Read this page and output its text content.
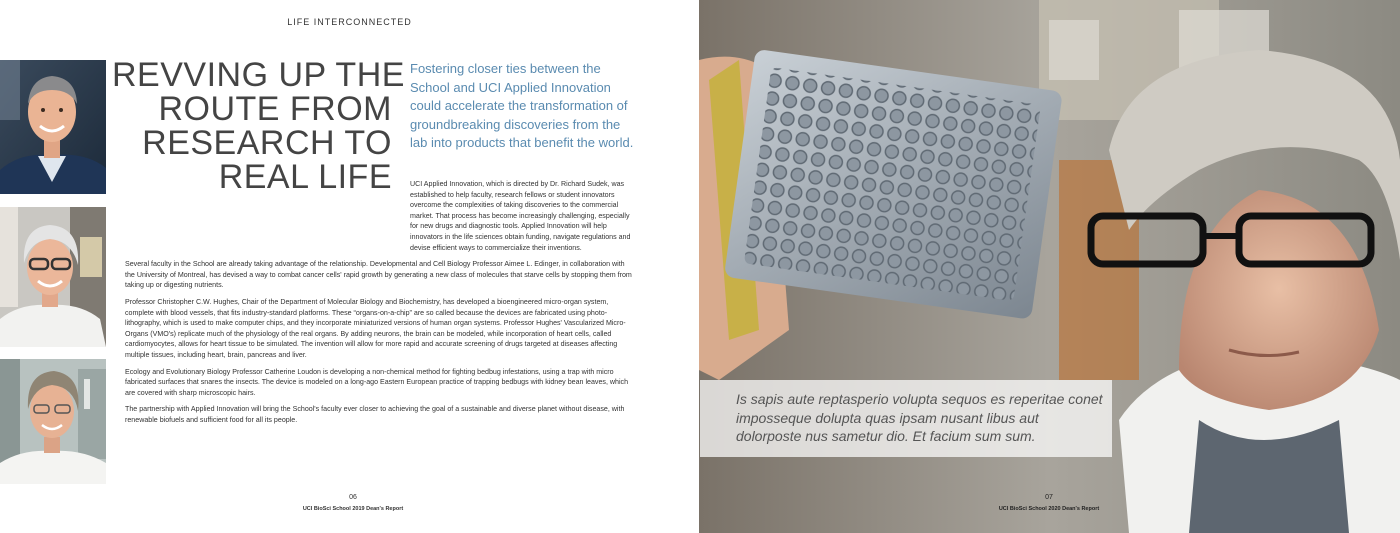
LIFE INTERCONNECTED
REVVING UP THE
ROUTE FROM
RESEARCH TO
REAL LIFE
Fostering closer ties between the School and UCI Applied Innovation could accelerate the transformation of groundbreaking discoveries from the lab into products that benefit the world.

UCI Applied Innovation, which is directed by Dr. Richard Sudek, was established to help faculty, research fellows or student innovators overcome the complexities of taking discoveries to the commercial market. That process has become increasingly challenging, especially for new drugs and diagnostic tools. Applied Innovation will help innovators in the life sciences obtain funding, navigate regulations and devise efficient ways to commercialize their inventions.

Several faculty in the School are already taking advantage of the relationship. Developmental and Cell Biology Professor Aimee L. Edinger, in collaboration with the University of Montreal, has devised a way to combat cancer cells' rapid growth by generating a new class of molecules that starve cells by stopping them from taking up or digesting nutrients.

Professor Christopher C.W. Hughes, Chair of the Department of Molecular Biology and Biochemistry, has developed a bioengineered micro-organ system, complete with blood vessels, that fits industry-standard platforms. These “organs-on-a-chip” are so called because the devices are fabricated using photo-lithography, which is used to make computer chips, and they incorporate miniaturized versions of human organ systems. Professor Hughes' Vascularized Micro-Organs (VMO's) replicate much of the physiology of the real organs. By adding neurons, the brain can be modeled, while incorporation of heart cells, called cardiomyocytes, allows for heart tissue to be simulated. The invention will allow for more rapid and accurate screening of drugs targeted at diseases affecting multiple tissues, including heart, brain, pancreas and liver.

Ecology and Evolutionary Biology Professor Catherine Loudon is developing a non-chemical method for fighting bedbug infestations, using a trap with micro fabricated surfaces that snares the insects. The device is modeled on a long-ago Eastern European practice of trapping bedbugs with kidney bean leaves, which are covered with sharp microscopic hairs.

The partnership with Applied Innovation will bring the School's faculty ever closer to achieving the goal of a sustainable and diverse planet without disease, with renewable biofuels and sufficient food for all its people.

06
UCI BioSci School 2019 Dean's Report
Is sapis aute reptasperio volupta sequos es reperitae conet imposseque dolupta quas ipsam nusant libus aut dolorposte nus sametur dio. Et facium sum sum.
07
UCI BioSci School 2020 Dean's Report
